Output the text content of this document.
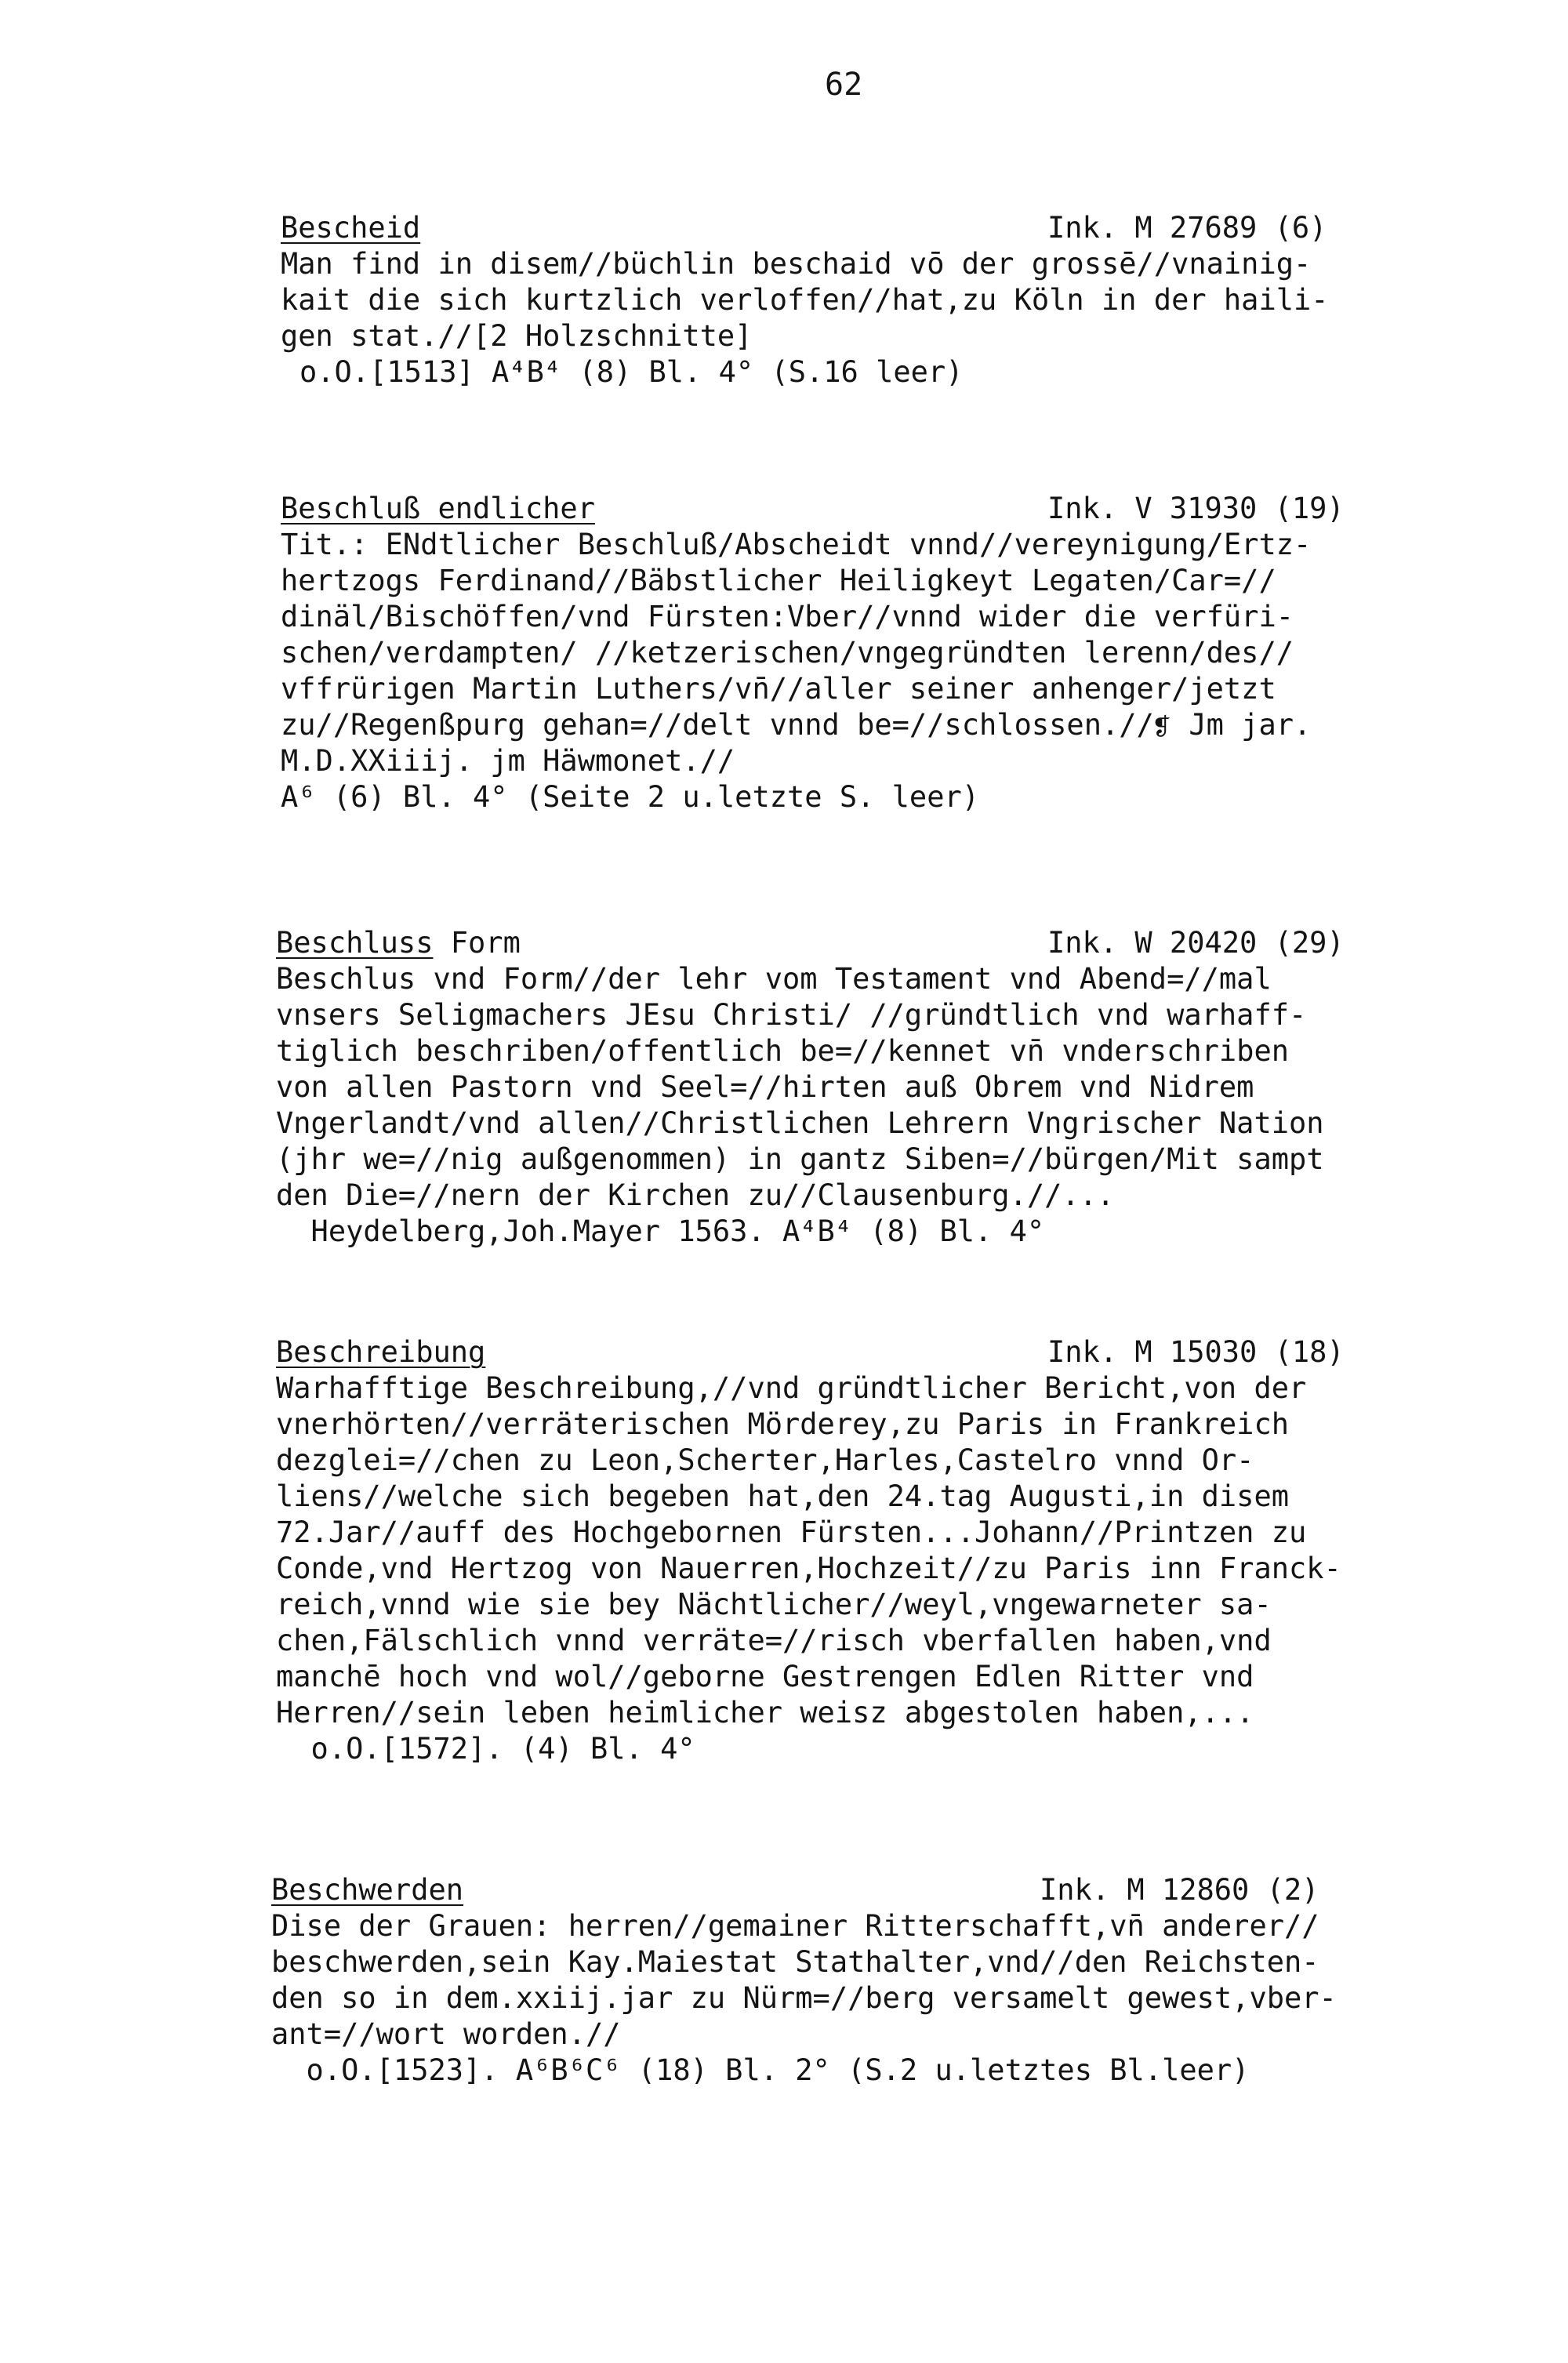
62
Bescheid	Ink. M 27689 (6)
Man find in disem//büchlin beschaid vō der grossē//vnainig-
kait die sich kurtzlich verloffen//hat,zu Köln in der haili-
gen stat.//[2 Holzschnitte]
o.O.[1513] A⁴B⁴ (8) Bl. 4° (S.16 leer)
Beschluß endlicher	Ink. V 31930 (19)
Tit.: ENdtlicher Beschluß/Abscheidt vnnd//vereynigung/Ertz-
hertzogs Ferdinand//Bäbstlicher Heiligkeyt Legaten/Car=//
dinäl/Bischöffen/vnd Fürsten:Vber//vnnd wider die verfüri-
schen/verdampten/ //ketzerischen/vngegründten lerenn/des//
vffrürigen Martin Luthers/vn̄//aller seiner anhenger/jetzt
zu//Regenßpurg gehan=//delt vnnd be=//schlossen.//❡ Jm jar.
M.D.XXiiij. jm Häwmonet.//
A⁶ (6) Bl. 4° (Seite 2 u.letzte S. leer)
Beschluss Form	Ink. W 20420 (29)
Beschlus vnd Form//der lehr vom Testament vnd Abend=//mal
vnsers Seligmachers JEsu Christi/ //gründtlich vnd warhaff-
tiglich beschriben/offentlich be=//kennet vn̄ vnderschriben
von allen Pastorn vnd Seel=//hirten auß Obrem vnd Nidrem
Vngerlandt/vnd allen//Christlichen Lehrern Vngrischer Nation
(jhr we=//nig außgenommen) in gantz Siben=//bürgen/Mit sampt
den Die=//nern der Kirchen zu//Clausenburg.//...
Heydelberg,Joh.Mayer 1563. A⁴B⁴ (8) Bl. 4°
Beschreibung	Ink. M 15030 (18)
Warhafftige Beschreibung,//vnd gründtlicher Bericht,von der
vnerhörten//verräterischen Mörderey,zu Paris in Frankreich
dezglei=//chen zu Leon,Scherter,Harles,Castelro vnnd Or-
liens//welche sich begeben hat,den 24.tag Augusti,in disem
72.Jar//auff des Hochgebornen Fürsten...Johann//Printzen zu
Conde,vnd Hertzog von Nauerren,Hochzeit//zu Paris inn Franck-
reich,vnnd wie sie bey Nächtlicher//weyl,vngewarneter sa-
chen,Fälschlich vnnd verräte=//risch vberfallen haben,vnd
manchē hoch vnd wol//geborne Gestrengen Edlen Ritter vnd
Herren//sein leben heimlicher weisz abgestolen haben,...
o.O.[1572]. (4) Bl. 4°
Beschwerden	Ink. M 12860 (2)
Dise der Grauen: herren//gemainer Ritterschafft,vn̄ anderer//
beschwerden,sein Kay.Maiestat Stathalter,vnd//den Reichsten-
den so in dem.xxiij.jar zu Nürm=//berg versamelt gewest,vber-
ant=//wort worden.//
o.O.[1523]. A⁶B⁶C⁶ (18) Bl. 2° (S.2 u.letztes Bl.leer)
